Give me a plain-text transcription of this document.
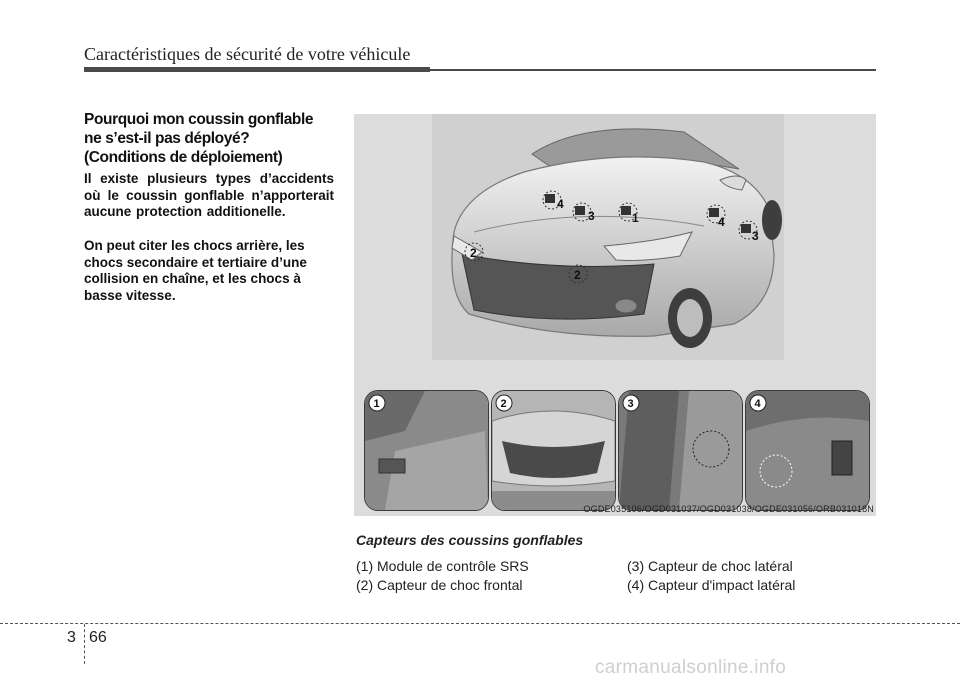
Caractéristiques de sécurité de votre véhicule
Pourquoi mon coussin gonflable
ne s’est-il pas déployé?
(Conditions de déploiement)
Il existe plusieurs types d’accidents où le coussin gonflable n’apporterait aucune protection additionelle.
On peut citer les chocs arrière, les chocs secondaire et tertiaire d’une collision en chaîne, et les chocs à basse vitesse.
4
3	1	4
3
2
2
1	2	3	4
OGDE035106/OGD031037/OGD031038/OGDE031056/ORB031018N
Capteurs des coussins gonflables
(1) Module de contrôle SRS
(2) Capteur de choc frontal
(3) Capteur de choc latéral
(4) Capteur d'impact latéral
3 66
carmanualsonline.info
